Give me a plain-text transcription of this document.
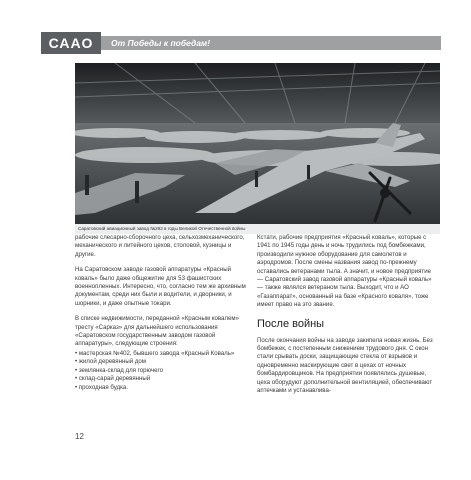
СААО	От Победы к победам!
Саратовский авиационный завод №292 в годы Великой Отечественной войны

рабочие слесарно-сборочного цеха, сельхозмеханического, механического и литейного цехов, столовой, кузницы и другие.

На Саратовском заводе газовой аппаратуры «Красный коваль» было даже общежитие для 53 фашистских военнопленных. Интересно, что, согласно тем же архивным документам, среди них были и водители, и дворники, и шорники, и даже опытные токари.

В списке недвижимости, переданной «Красным ковалем» тресту «Сарказ» для дальнейшего использования «Саратовском государственным заводом газовой аппаратуры», следующие строения:

• мастерская №402, бывшего завода «Красный Коваль»
• жилой деревянный дом
• землянка-склад для горючего
• склад-сарай деревянный
• проходная будка.

Кстати, рабочие предприятия «Красный коваль», которые с 1941 по 1945 годы день и ночь трудились под бомбежками, производили нужное оборудование для самолетов и аэродромов. После смены названия завод по-прежнему оставались ветеранами тыла. А значит, и новое предприятие — Саратовский завод газовой аппаратуры «Красный коваль» — также являлся ветераном тыла. Выходит, что и АО «Газаппарат», основанный на базе «Красного коваля», тоже имеет право на это звание.

После войны

После окончания войны на заводе закипела новая жизнь. Без бомбежек, с постепенным снижением трудового дня. С окон стали срывать доски, защищающие стекла от взрывов и одновременно маскирующие свет в цехах от ночных бомбардировщиков. На предприятии появлялись душевые, цеха оборудуют дополнительной вентиляцией, обеспечивают аптечками и устанавлива-

12
